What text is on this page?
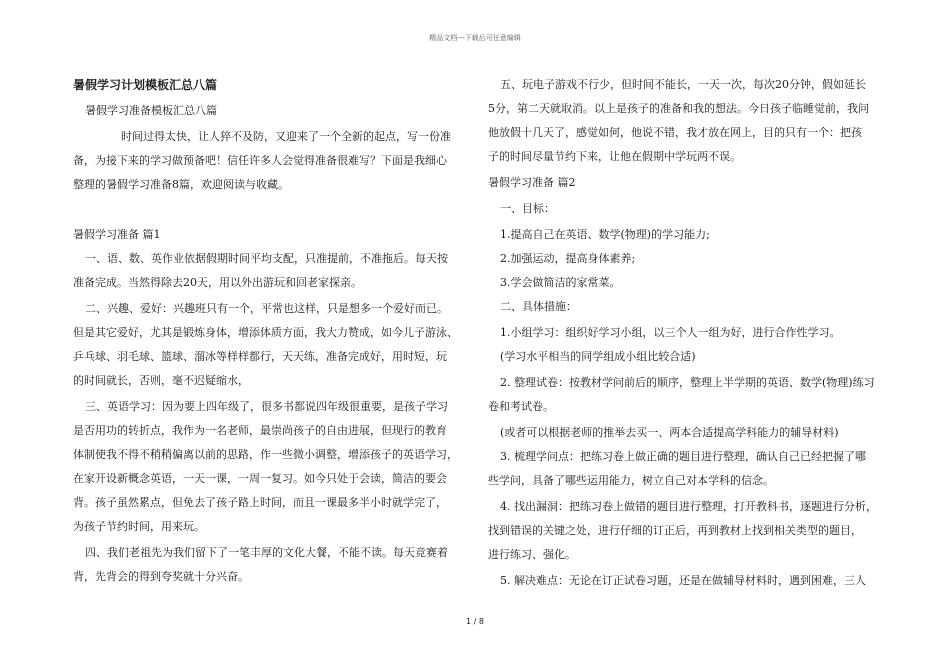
精品文档---下载后可任意编辑
暑假学习计划模板汇总八篇
暑假学习准备模板汇总八篇
时间过得太快，让人猝不及防，又迎来了一个全新的起点，写一份准
备，为接下来的学习做预备吧！信任许多人会觉得准备很难写？下面是我细心
整理的暑假学习准备8篇，欢迎阅读与收藏。
暑假学习准备 篇1
一、语、数、英作业依据假期时间平均支配，只准提前，不准拖后。每天按
准备完成。当然得除去20天，用以外出游玩和回老家探亲。
二、兴趣、爱好：兴趣班只有一个，平常也这样，只是想多一个爱好而已。
但是其它爱好，尤其是锻炼身体，增添体质方面，我大力赞成，如今儿子游泳、
乒乓球、羽毛球、篮球、溜冰等样样都行，天天练，准备完成好，用时短，玩
的时间就长，否则，毫不迟疑缩水，
三、英语学习：因为要上四年级了，很多书都说四年级很重要，是孩子学习
是否用功的转折点，我作为一名老师，最崇尚孩子的自由进展，但现行的教育
体制使我不得不稍稍偏离以前的思路，作一些微小调整，增添孩子的英语学习，
在家开设新概念英语，一天一课，一周一复习。如今只处于会读，简洁的要会
背。孩子虽然累点，但免去了孩子路上时间，而且一课最多半小时就学完了，
为孩子节约时间，用来玩。
四、我们老祖先为我们留下了一笔丰厚的文化大餐，不能不读。每天竞赛着
背，先背会的得到夸奖就十分兴奋。
五、玩电子游戏不行少，但时间不能长，一天一次，每次20分钟，假如延长
5分，第二天就取消。以上是孩子的准备和我的想法。今日孩子临睡觉前，我问
他放假十几天了，感觉如何，他说不错，我才放在网上，目的只有一个：把孩
子的时间尽量节约下来，让他在假期中学玩两不误。
暑假学习准备 篇2
一、目标：
1.提高自己在英语、数学(物理)的学习能力;
2.加强运动，提高身体素养;
3.学会做简洁的家常菜。
二、具体措施：
1.小组学习：组织好学习小组，以三个人一组为好，进行合作性学习。
(学习水平相当的同学组成小组比较合适)
2. 整理试卷：按教材学问前后的顺序，整理上半学期的英语、数学(物理)练习
卷和考试卷。
(或者可以根据老师的推举去买一、两本合适提高学科能力的辅导材料)
3. 梳理学问点：把练习卷上做正确的题目进行整理，确认自己已经把握了哪
些学问，具备了哪些运用能力，树立自己对本学科的信念。
4. 找出漏洞：把练习卷上做错的题目进行整理，打开教科书，逐题进行分析，
找到错误的关键之处，进行仔细的订正后，再到教材上找到相关类型的题目，
进行练习、强化。
5. 解决难点：无论在订正试卷习题，还是在做辅导材料时，遇到困难，三人
1 / 8
